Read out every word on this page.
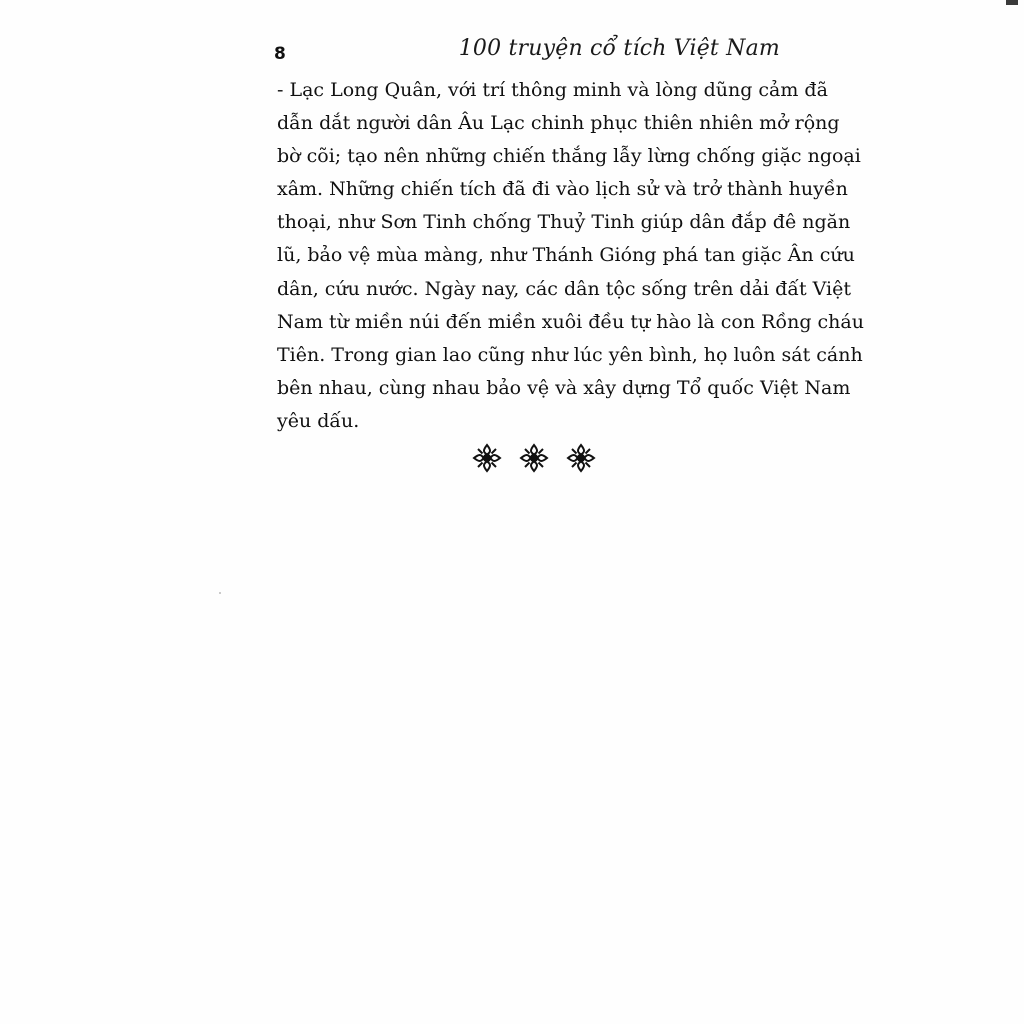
8	100 truyện cổ tích Việt Nam

- Lạc Long Quân, với trí thông minh và lòng dũng cảm đã
dẫn dắt người dân Âu Lạc chinh phục thiên nhiên mở rộng
bờ cõi; tạo nên những chiến thắng lẫy lừng chống giặc ngoại
xâm. Những chiến tích đã đi vào lịch sử và trở thành huyền
thoại, như Sơn Tinh chống Thuỷ Tinh giúp dân đắp đê ngăn
lũ, bảo vệ mùa màng, như Thánh Gióng phá tan giặc Ân cứu
dân, cứu nước. Ngày nay, các dân tộc sống trên dải đất Việt
Nam từ miền núi đến miền xuôi đều tự hào là con Rồng cháu
Tiên. Trong gian lao cũng như lúc yên bình, họ luôn sát cánh
bên nhau, cùng nhau bảo vệ và xây dựng Tổ quốc Việt Nam
yêu dấu.
